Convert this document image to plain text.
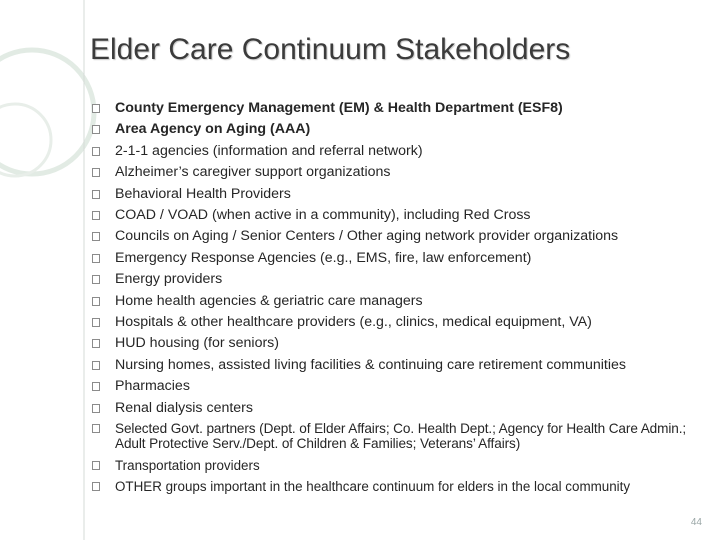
Elder Care Continuum Stakeholders
County Emergency Management (EM) & Health Department (ESF8)
Area Agency on Aging (AAA)
2-1-1 agencies (information and referral network)
Alzheimer’s caregiver support organizations
Behavioral Health Providers
COAD / VOAD (when active in a community), including Red Cross
Councils on Aging / Senior Centers / Other aging network provider organizations
Emergency Response Agencies (e.g., EMS, fire, law enforcement)
Energy providers
Home health agencies & geriatric care managers
Hospitals & other healthcare providers (e.g., clinics, medical equipment, VA)
HUD housing (for seniors)
Nursing homes, assisted living facilities & continuing care retirement communities
Pharmacies
Renal dialysis centers
Selected Govt. partners (Dept. of Elder Affairs; Co. Health Dept.; Agency for Health Care Admin.; Adult Protective Serv./Dept. of Children & Families; Veterans’ Affairs)
Transportation providers
OTHER groups important in the healthcare continuum for elders in the local community
44
